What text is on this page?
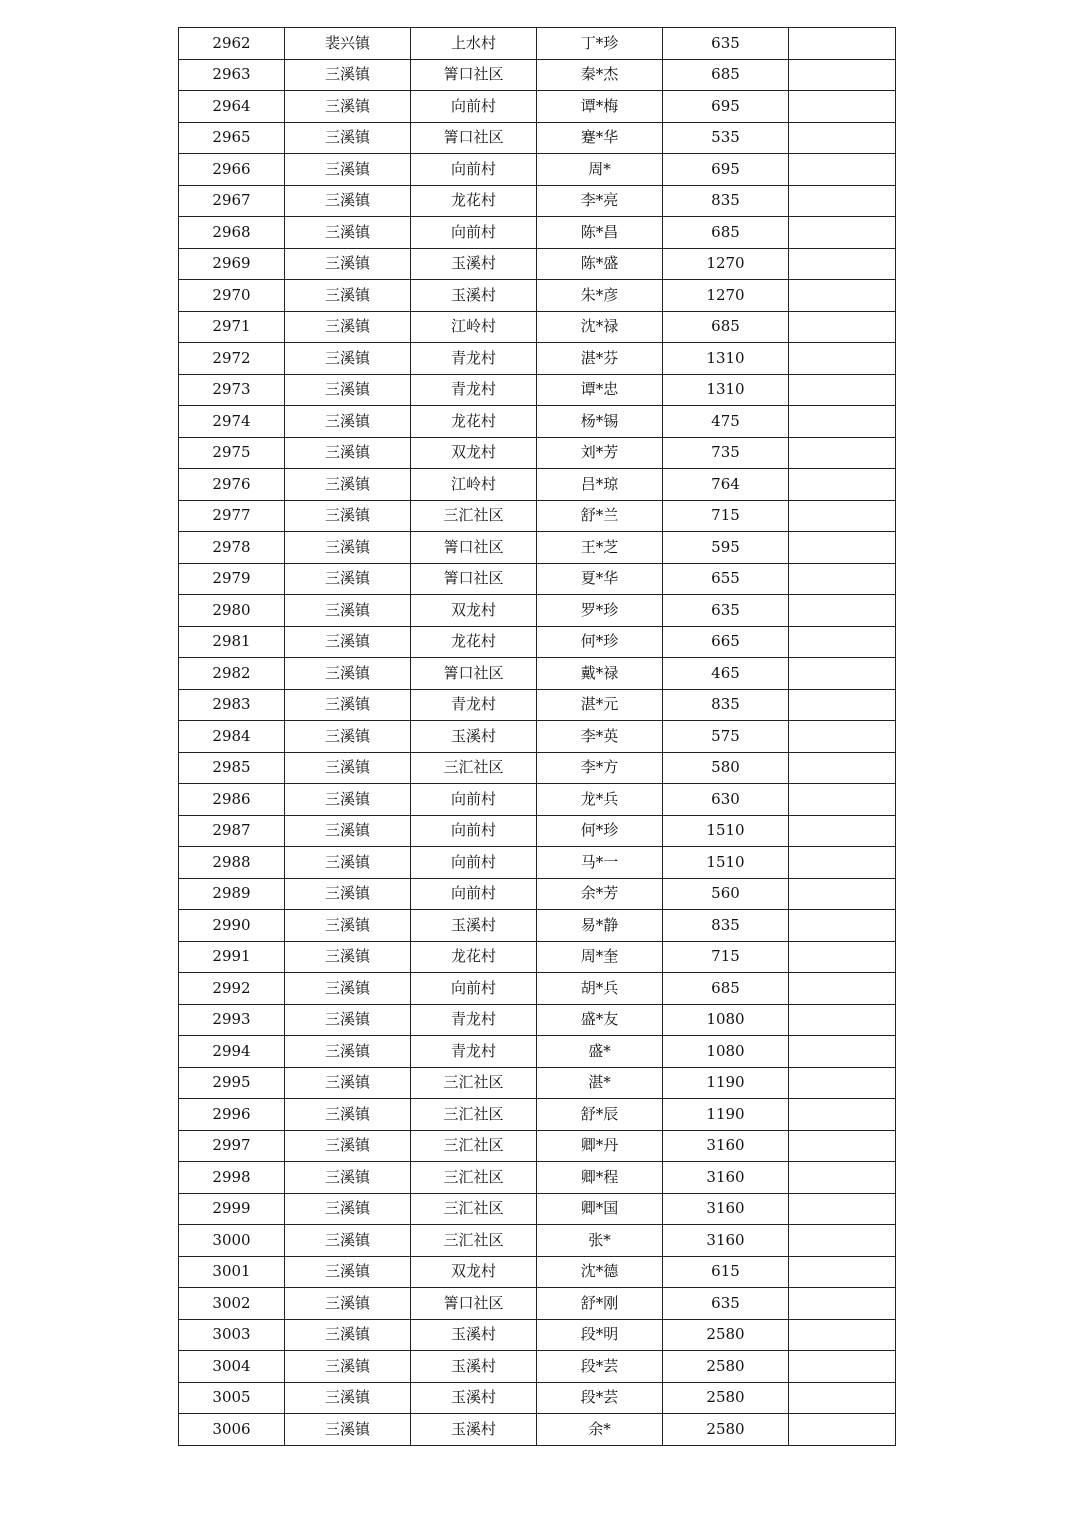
2962	裴兴镇	上水村	丁*珍	635	
2963	三溪镇	箐口社区	秦*杰	685	
2964	三溪镇	向前村	谭*梅	695	
2965	三溪镇	箐口社区	蹇*华	535	
2966	三溪镇	向前村	周*	695	
2967	三溪镇	龙花村	李*亮	835	
2968	三溪镇	向前村	陈*昌	685	
2969	三溪镇	玉溪村	陈*盛	1270	
2970	三溪镇	玉溪村	朱*彦	1270	
2971	三溪镇	江岭村	沈*禄	685	
2972	三溪镇	青龙村	湛*芬	1310	
2973	三溪镇	青龙村	谭*忠	1310	
2974	三溪镇	龙花村	杨*锡	475	
2975	三溪镇	双龙村	刘*芳	735	
2976	三溪镇	江岭村	吕*琼	764	
2977	三溪镇	三汇社区	舒*兰	715	
2978	三溪镇	箐口社区	王*芝	595	
2979	三溪镇	箐口社区	夏*华	655	
2980	三溪镇	双龙村	罗*珍	635	
2981	三溪镇	龙花村	何*珍	665	
2982	三溪镇	箐口社区	戴*禄	465	
2983	三溪镇	青龙村	湛*元	835	
2984	三溪镇	玉溪村	李*英	575	
2985	三溪镇	三汇社区	李*方	580	
2986	三溪镇	向前村	龙*兵	630	
2987	三溪镇	向前村	何*珍	1510	
2988	三溪镇	向前村	马*一	1510	
2989	三溪镇	向前村	余*芳	560	
2990	三溪镇	玉溪村	易*静	835	
2991	三溪镇	龙花村	周*奎	715	
2992	三溪镇	向前村	胡*兵	685	
2993	三溪镇	青龙村	盛*友	1080	
2994	三溪镇	青龙村	盛*	1080	
2995	三溪镇	三汇社区	湛*	1190	
2996	三溪镇	三汇社区	舒*辰	1190	
2997	三溪镇	三汇社区	卿*丹	3160	
2998	三溪镇	三汇社区	卿*程	3160	
2999	三溪镇	三汇社区	卿*国	3160	
3000	三溪镇	三汇社区	张*	3160	
3001	三溪镇	双龙村	沈*德	615	
3002	三溪镇	箐口社区	舒*刚	635	
3003	三溪镇	玉溪村	段*明	2580	
3004	三溪镇	玉溪村	段*芸	2580	
3005	三溪镇	玉溪村	段*芸	2580	
3006	三溪镇	玉溪村	余*	2580	
